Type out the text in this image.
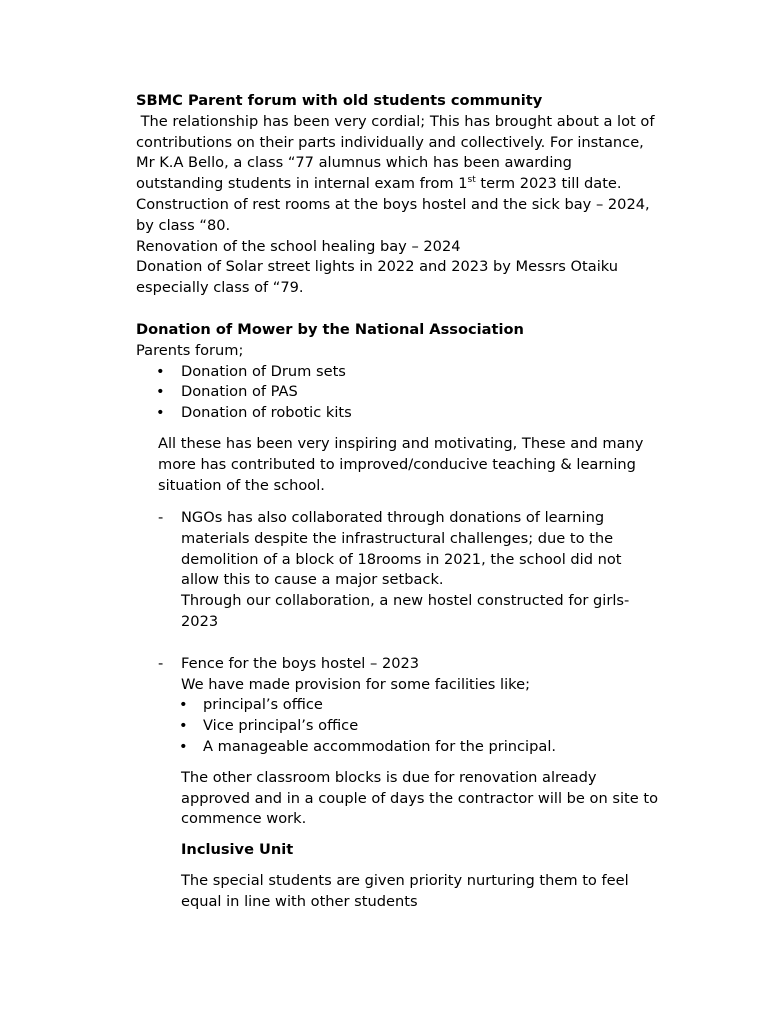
SBMC Parent forum with old students community

The relationship has been very cordial; This has brought about a lot of

contributions on their parts individually and collectively. For instance,

Mr K.A Bello, a class “77 alumnus which has been awarding

outstanding students in internal exam from 1st term 2023 till date.

Construction of rest rooms at the boys hostel and the sick bay – 2024,

by class “80.

Renovation of the school healing bay – 2024

Donation of Solar street lights in 2022 and 2023 by Messrs Otaiku

especially class of “79.

Donation of Mower by the National Association

Parents forum;

• Donation of Drum sets
• Donation of PAS
• Donation of robotic kits

All these has been very inspiring and motivating, These and many

more has contributed to improved/conducive teaching & learning

situation of the school.

- NGOs has also collaborated through donations of learning

materials despite the infrastructural challenges; due to the

demolition of a block of 18rooms in 2021, the school did not

allow this to cause a major setback.

Through our collaboration, a new hostel constructed for girls-

2023

- Fence for the boys hostel – 2023

We have made provision for some facilities like;

• principal’s office
• Vice principal’s office
• A manageable accommodation for the principal.

The other classroom blocks is due for renovation already

approved and in a couple of days the contractor will be on site to

commence work.

Inclusive Unit

The special students are given priority nurturing them to feel

equal in line with other students
